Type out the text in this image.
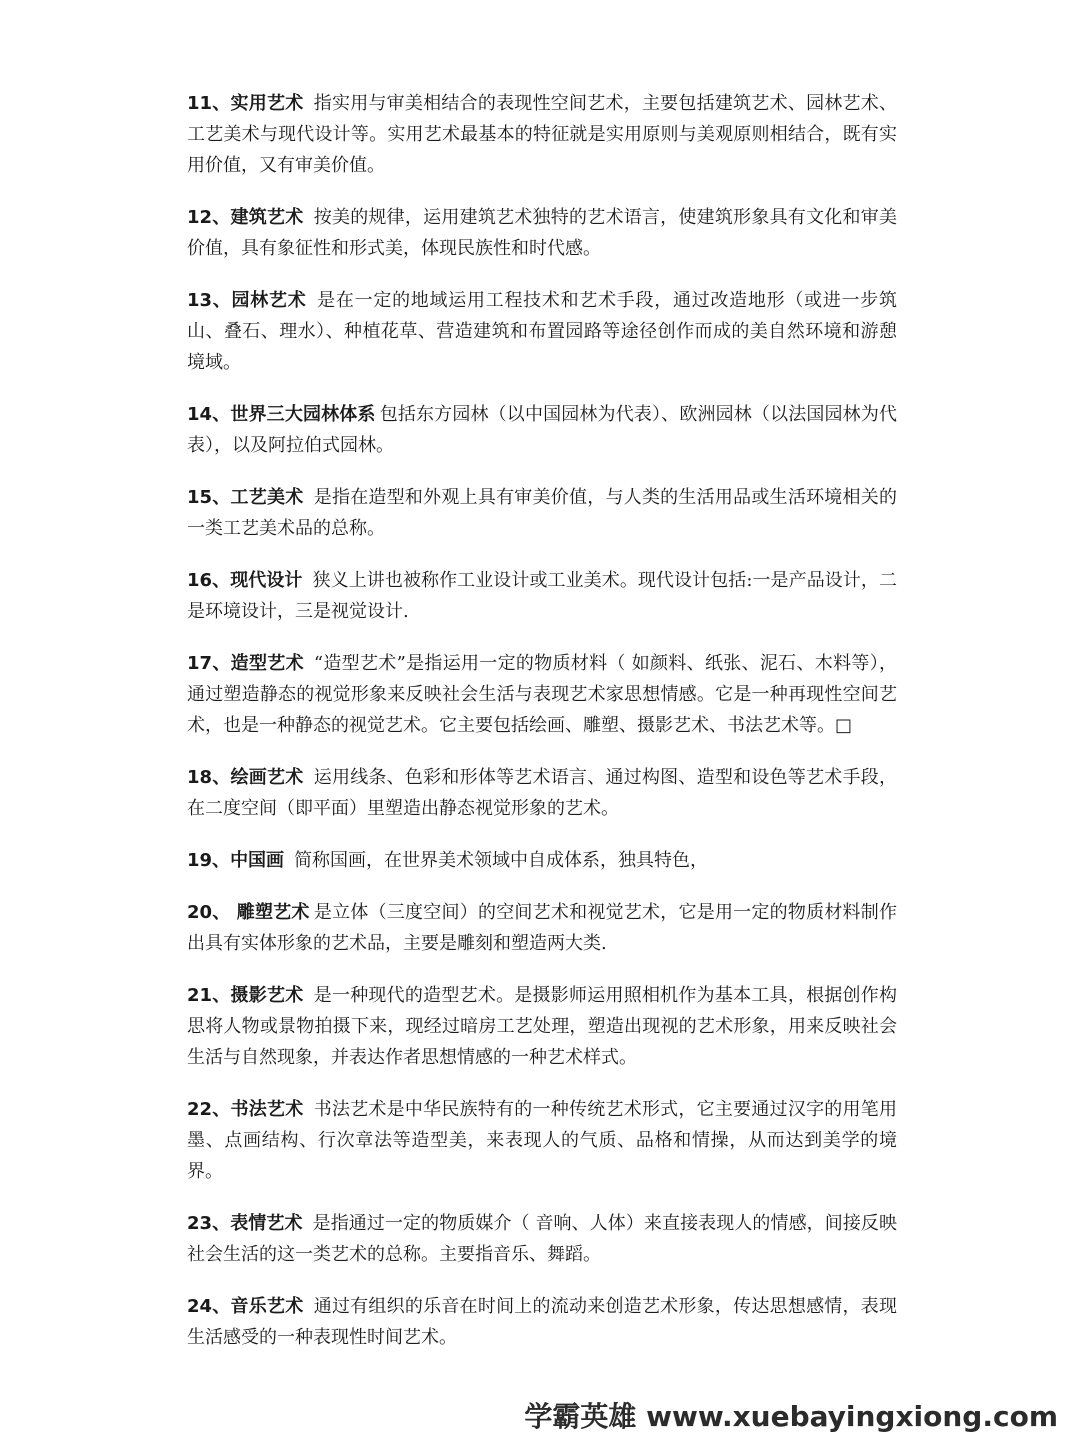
11、实用艺术 指实用与审美相结合的表现性空间艺术，主要包括建筑艺术、园林艺术、工艺美术与现代设计等。实用艺术最基本的特征就是实用原则与美观原则相结合，既有实用价值，又有审美价值。

12、建筑艺术 按美的规律，运用建筑艺术独特的艺术语言，使建筑形象具有文化和审美价值，具有象征性和形式美，体现民族性和时代感。

13、园林艺术 是在一定的地域运用工程技术和艺术手段，通过改造地形（或进一步筑山、叠石、理水）、种植花草、营造建筑和布置园路等途径创作而成的美自然环境和游憩境域。

14、世界三大园林体系 包括东方园林（以中国园林为代表）、欧洲园林（以法国园林为代表），以及阿拉伯式园林。

15、工艺美术 是指在造型和外观上具有审美价值，与人类的生活用品或生活环境相关的一类工艺美术品的总称。

16、现代设计 狭义上讲也被称作工业设计或工业美术。现代设计包括:一是产品设计，二是环境设计，三是视觉设计.

17、造型艺术 “造型艺术”是指运用一定的物质材料（ 如颜料、纸张、泥石、木料等），通过塑造静态的视觉形象来反映社会生活与表现艺术家思想情感。它是一种再现性空间艺术，也是一种静态的视觉艺术。它主要包括绘画、雕塑、摄影艺术、书法艺术等。□

18、绘画艺术 运用线条、色彩和形体等艺术语言、通过构图、造型和设色等艺术手段，在二度空间（即平面）里塑造出静态视觉形象的艺术。

19、中国画 简称国画，在世界美术领域中自成体系，独具特色，

20、 雕塑艺术 是立体（三度空间）的空间艺术和视觉艺术，它是用一定的物质材料制作出具有实体形象的艺术品，主要是雕刻和塑造两大类.

21、摄影艺术 是一种现代的造型艺术。是摄影师运用照相机作为基本工具，根据创作构思将人物或景物拍摄下来，现经过暗房工艺处理，塑造出现视的艺术形象，用来反映社会生活与自然现象，并表达作者思想情感的一种艺术样式。

22、书法艺术 书法艺术是中华民族特有的一种传统艺术形式，它主要通过汉字的用笔用墨、点画结构、行次章法等造型美，来表现人的气质、品格和情操，从而达到美学的境界。

23、表情艺术 是指通过一定的物质媒介（ 音响、人体）来直接表现人的情感，间接反映社会生活的这一类艺术的总称。主要指音乐、舞蹈。

24、音乐艺术 通过有组织的乐音在时间上的流动来创造艺术形象，传达思想感情，表现生活感受的一种表现性时间艺术。

学霸英雄 www.xuebayingxiong.com
